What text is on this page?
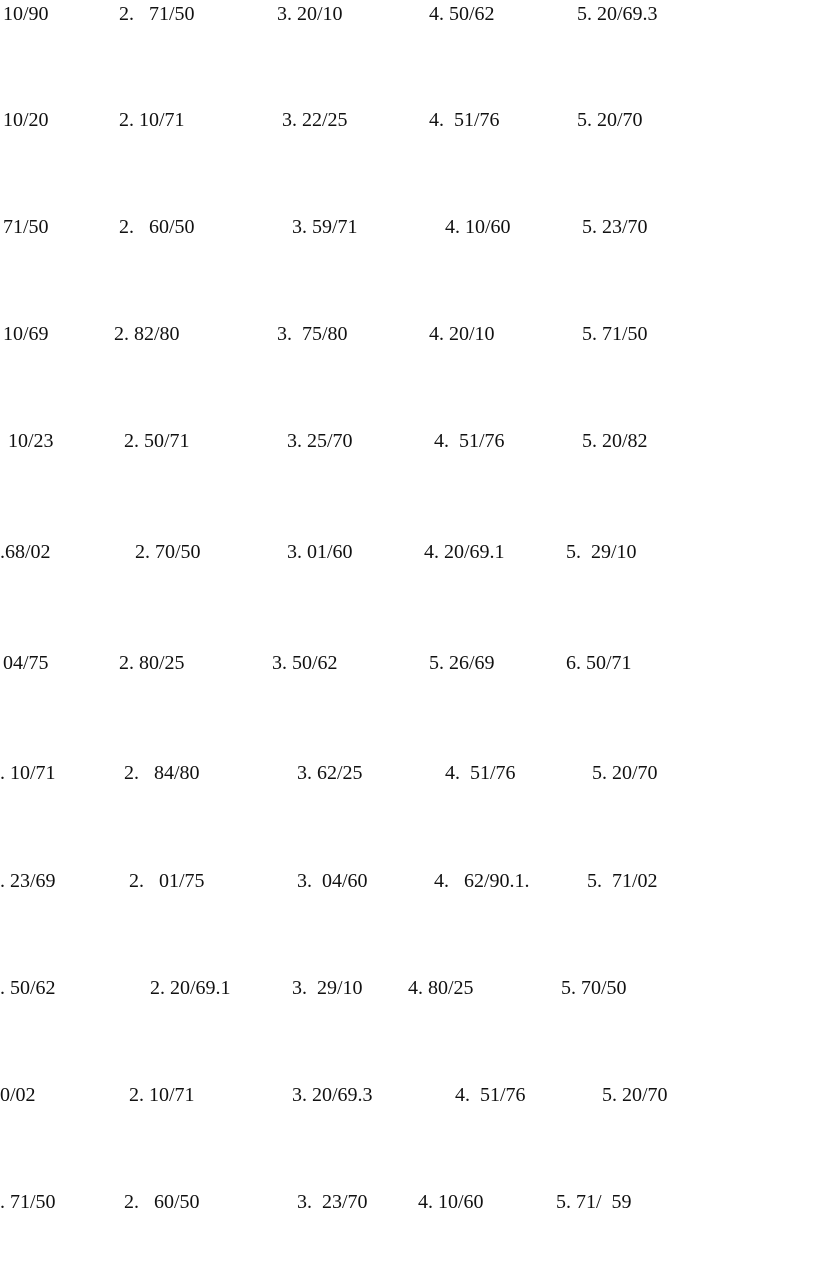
10/90	2.   71/50	3. 20/10	4. 50/62	5. 20/69.3
10/20	2. 10/71	3. 22/25	4.  51/76	5. 20/70
71/50	2.   60/50	3. 59/71	4. 10/60	5. 23/70
10/69	2. 82/80	3.  75/80	4. 20/10	5. 71/50
10/23	2. 50/71	3. 25/70	4.  51/76	5. 20/82
.68/02	2. 70/50	3. 01/60	4. 20/69.1	5.  29/10
04/75	2. 80/25	3. 50/62	5. 26/69	6. 50/71
. 10/71	2.   84/80	3. 62/25	4.  51/76	5. 20/70
. 23/69	2.   01/75	3.  04/60	4.   62/90.1.	5.  71/02
. 50/62	2. 20/69.1	3.  29/10 4. 80/25	5. 70/50
0/02	2. 10/71	3. 20/69.3	4.  51/76	5. 20/70
. 71/50	2.   60/50	3.  23/70	4. 10/60	5. 71/  59
